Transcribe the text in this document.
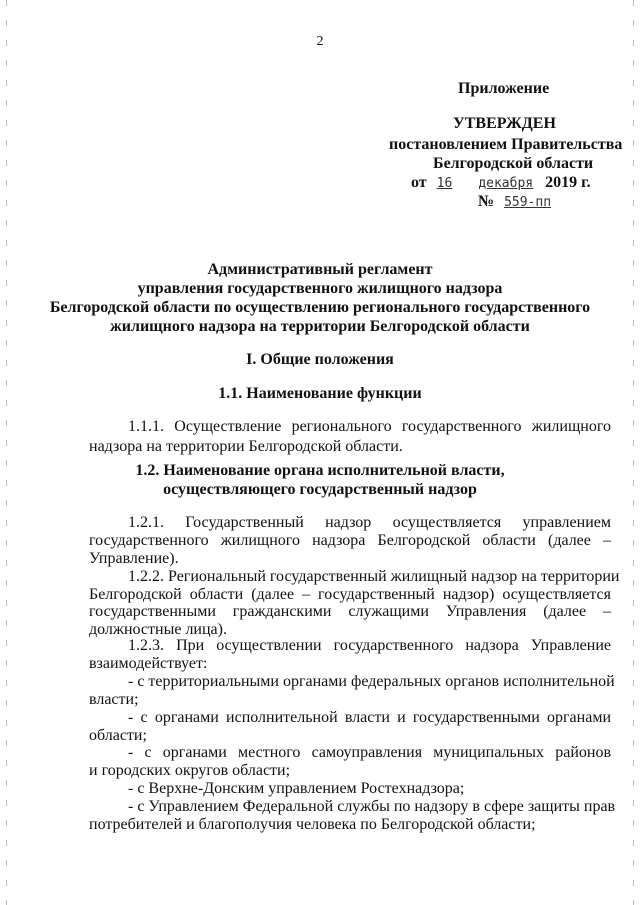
2
Приложение
УТВЕРЖДЕН
постановлением Правительства
Белгородской области
от 16 декабря 2019 г.
№ 559-пп
Административный регламент
управления государственного жилищного надзора
Белгородской области по осуществлению регионального государственного
жилищного надзора на территории Белгородской области
I. Общие положения
1.1. Наименование функции
1.1.1. Осуществление регионального государственного жилищного
надзора на территории Белгородской области.
1.2. Наименование органа исполнительной власти,
осуществляющего государственный надзор
1.2.1. Государственный надзор осуществляется управлением
государственного жилищного надзора Белгородской области (далее –
Управление).
1.2.2. Региональный государственный жилищный надзор на территории
Белгородской области (далее – государственный надзор) осуществляется
государственными гражданскими служащими Управления (далее –
должностные лица).
1.2.3. При осуществлении государственного надзора Управление
взаимодействует:
- с территориальными органами федеральных органов исполнительной
власти;
- с органами исполнительной власти и государственными органами
области;
- с органами местного самоуправления муниципальных районов
и городских округов области;
- с Верхне-Донским управлением Ростехнадзора;
- с Управлением Федеральной службы по надзору в сфере защиты прав
потребителей и благополучия человека по Белгородской области;
